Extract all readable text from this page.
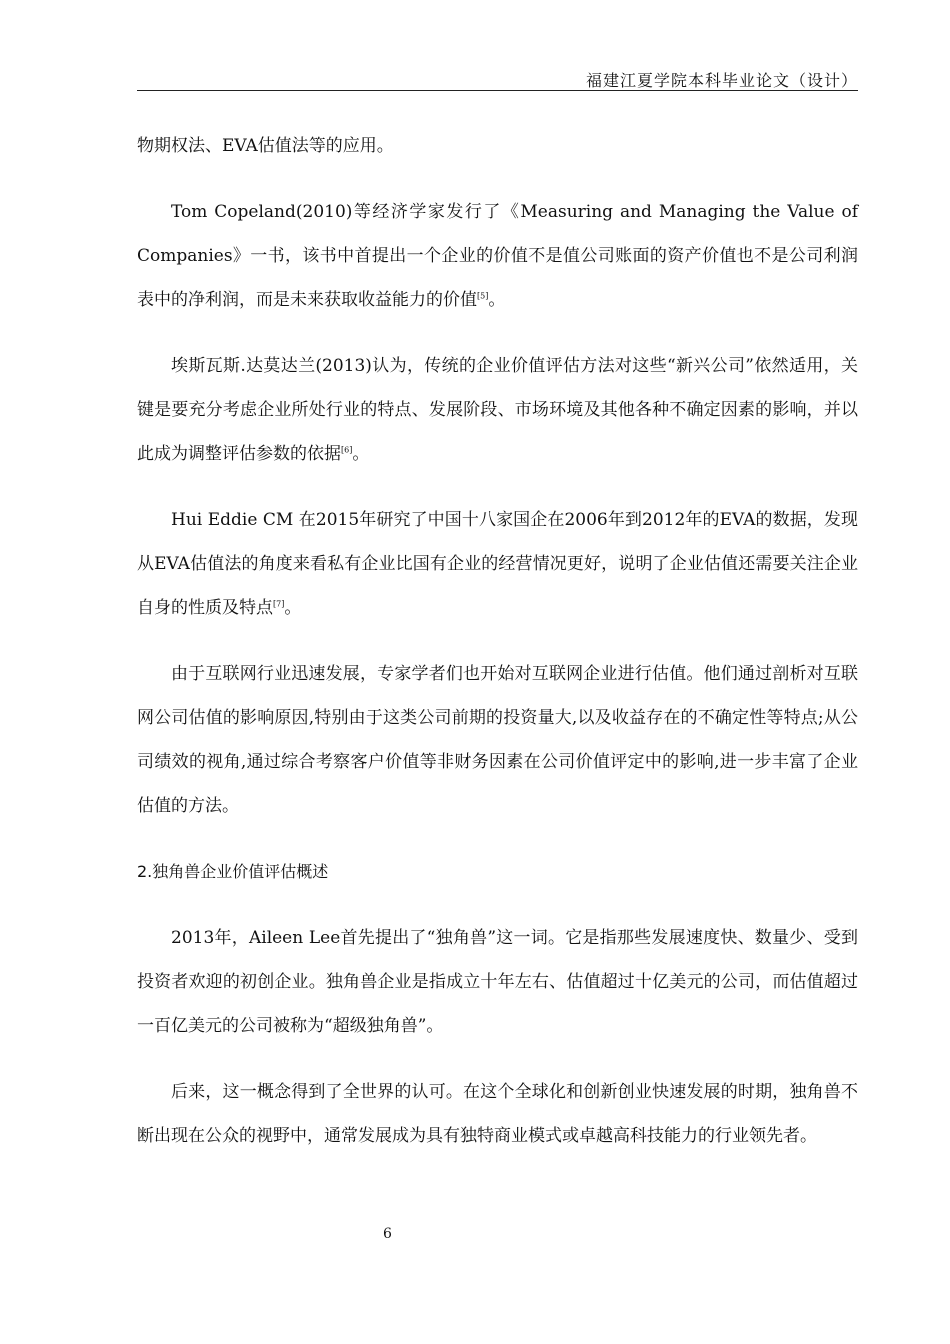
福建江夏学院本科毕业论文（设计）

物期权法、EVA估值法等的应用。

Tom Copeland(2010)等经济学家发行了《Measuring and Managing the Value of Companies》一书，该书中首提出一个企业的价值不是值公司账面的资产价值也不是公司利润表中的净利润，而是未来获取收益能力的价值[5]。

埃斯瓦斯.达莫达兰(2013)认为，传统的企业价值评估方法对这些“新兴公司”依然适用，关键是要充分考虑企业所处行业的特点、发展阶段、市场环境及其他各种不确定因素的影响，并以此成为调整评估参数的依据[6]。

Hui Eddie CM 在2015年研究了中国十八家国企在2006年到2012年的EVA的数据，发现从EVA估值法的角度来看私有企业比国有企业的经营情况更好，说明了企业估值还需要关注企业自身的性质及特点[7]。

由于互联网行业迅速发展，专家学者们也开始对互联网企业进行估值。他们通过剖析对互联网公司估值的影响原因,特别由于这类公司前期的投资量大,以及收益存在的不确定性等特点;从公司绩效的视角,通过综合考察客户价值等非财务因素在公司价值评定中的影响,进一步丰富了企业估值的方法。

2.独角兽企业价值评估概述

2013年，Aileen Lee首先提出了“独角兽”这一词。它是指那些发展速度快、数量少、受到投资者欢迎的初创企业。独角兽企业是指成立十年左右、估值超过十亿美元的公司，而估值超过一百亿美元的公司被称为“超级独角兽”。

后来，这一概念得到了全世界的认可。在这个全球化和创新创业快速发展的时期，独角兽不断出现在公众的视野中，通常发展成为具有独特商业模式或卓越高科技能力的行业领先者。

6
